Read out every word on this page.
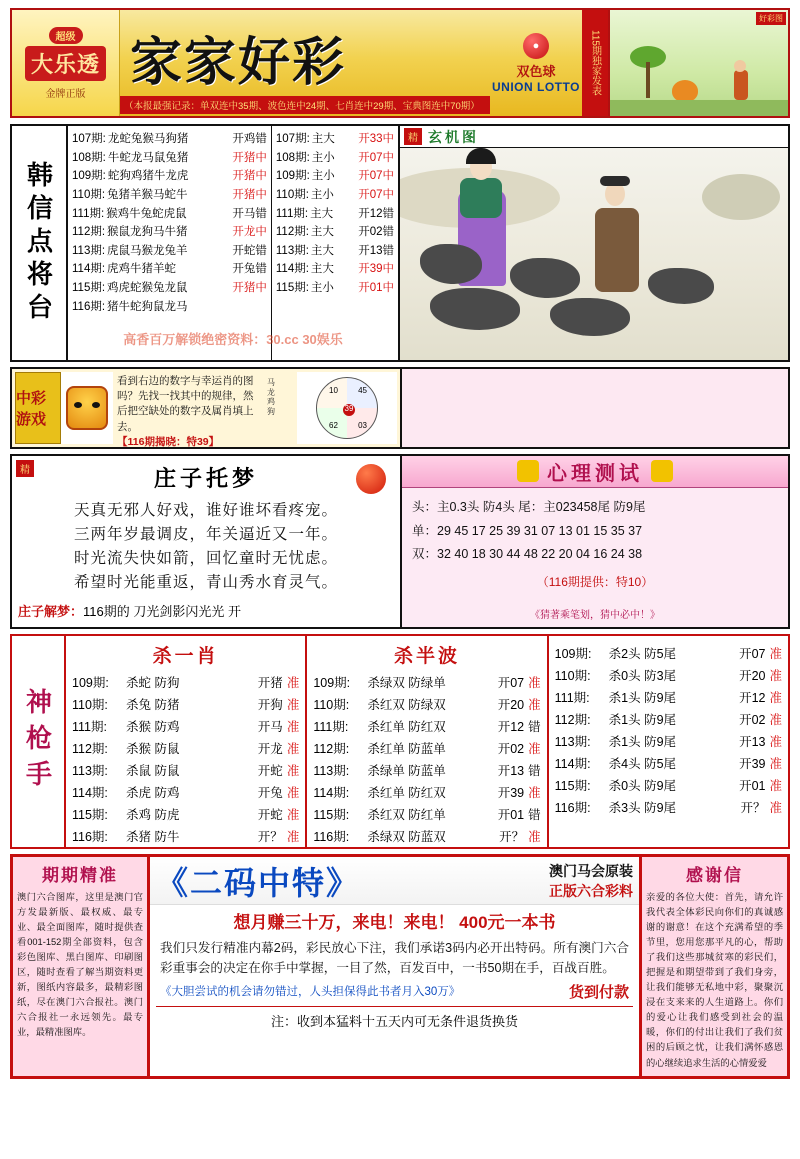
超级
大乐透
金牌正版
家家好彩
（本报最强记录：单双连中35期、波色连中24期、七肖连中29期、宝典图连中70期）
●
双色球
UNION LOTTO 115期独家发表
好彩图
韩信点将台
107期: 龙蛇兔猴马狗猪	开鸡错
108期: 牛蛇龙马鼠兔猪	开猪中
109期: 蛇狗鸡猪牛龙虎	开猪中
110期: 兔猪羊猴马蛇牛	开猪中
111期: 猴鸡牛兔蛇虎鼠	开马错
112期: 猴鼠龙狗马牛猪	开龙中
113期: 虎鼠马猴龙兔羊	开蛇错
114期: 虎鸡牛猪羊蛇	开兔错
115期: 鸡虎蛇猴兔龙鼠	开猪中
116期: 猪牛蛇狗鼠龙马
107期: 主大 开33中
108期: 主小 开07中
109期: 主小 开07中
110期: 主小 开07中
111期: 主大 开12错
112期: 主大 开02错
113期: 主大 开13错
114期: 主大 开39中
115期: 主小 开01中
高香百万解锁绝密资料：30.cc 30娱乐
精 玄机图
中彩游戏
看到右边的数字与幸运肖的图吗？先找一找其中的规律，然后把空缺处的数字及属肖填上去。
【116期揭晓：特39】
马
龙
鸡
狗
10	45
62	03
39
精	庄子托梦
天真无邪人好戏，谁好谁坏看疼宠。
三两年岁最调皮，年关逼近又一年。
时光流失快如箭，回忆童时无忧虑。
希望时光能重返，青山秀水育灵气。
庄子解梦：116期的 刀光剑影闪光光 开
心理测试
头：主0.3头 防4头 尾：主023458尾 防9尾
单：29 45 17 25 39 31 07 13 01 15 35 37
双：32 40 18 30 44 48 22 20 04 16 24 38
（116期提供：特10）
《猜著乘笔划，猜中必中！》
神枪手
杀一肖
109期:	杀蛇 防狗	开猪 准
110期:	杀兔 防猪	开狗 准
111期:	杀猴 防鸡	开马 准
112期:	杀猴 防鼠	开龙 准
113期:	杀鼠 防鼠	开蛇 准
114期:	杀虎 防鸡	开兔 准
115期:	杀鸡 防虎	开蛇 准
116期:	杀猪 防牛	开？ 准
杀半波
109期:	杀绿双 防绿单	开07 准
110期:	杀红双 防绿双	开20 准
111期:	杀红单 防红双	开12 错
112期:	杀红单 防蓝单	开02 准
113期:	杀绿单 防蓝单	开13 错
114期:	杀红单 防红双	开39 准
115期:	杀红双 防红单	开01 错
116期:	杀绿双 防蓝双	开？ 准
109期:	杀2头 防5尾	开07 准
110期:	杀0头 防3尾	开20 准
111期:	杀1头 防9尾	开12 准
112期:	杀1头 防9尾	开02 准
113期:	杀1头 防9尾	开13 准
114期:	杀4头 防5尾	开39 准
115期:	杀0头 防9尾	开01 准
116期:	杀3头 防9尾	开？ 准
期期精准
澳门六合图库，这里是澳门官方发最新版、最权威、最专业、最全面图库，随时提供查看001-152期全部资料，包含彩色图库、黑白图库、印刷图区，随时查看了解当期资料更新，图纸内容最多，最精彩图纸，尽在澳门六合报社。澳门六合报社一永远领先。最专业，最精准图库。
《二码中特》	澳门马会原装
正版六合彩料
想月赚三十万，来电！来电！ 400元一本书
我们只发行精准内幕2码，彩民放心下注，我们承诺3码内必开出特码。所有澳门六合彩重事会的决定在你手中掌握，一目了然，百发百中，一书50期在手，百战百胜。
《大胆尝试的机会请勿错过，人头担保得此书者月入30万》	货到付款
注：收到本猛料十五天内可无条件退货换货
感谢信
亲爱的各位大使：首先，请允许我代表全体彩民向你们的真诚感谢的谢意！在这个充满希望的季节里，您用您那平凡的心，帮助了我们这些那城贫寒的彩民们，把握是和期望带到了我们身旁，让我们能够无私地中彩，聚聚沉浸在支来来的人生道路上。你们的爱心让我们感受到社会的温暖，你们的付出让我们了我们贫困的后顾之忧，让我们满怀感恩的心继续追求生活的心情爱爱
